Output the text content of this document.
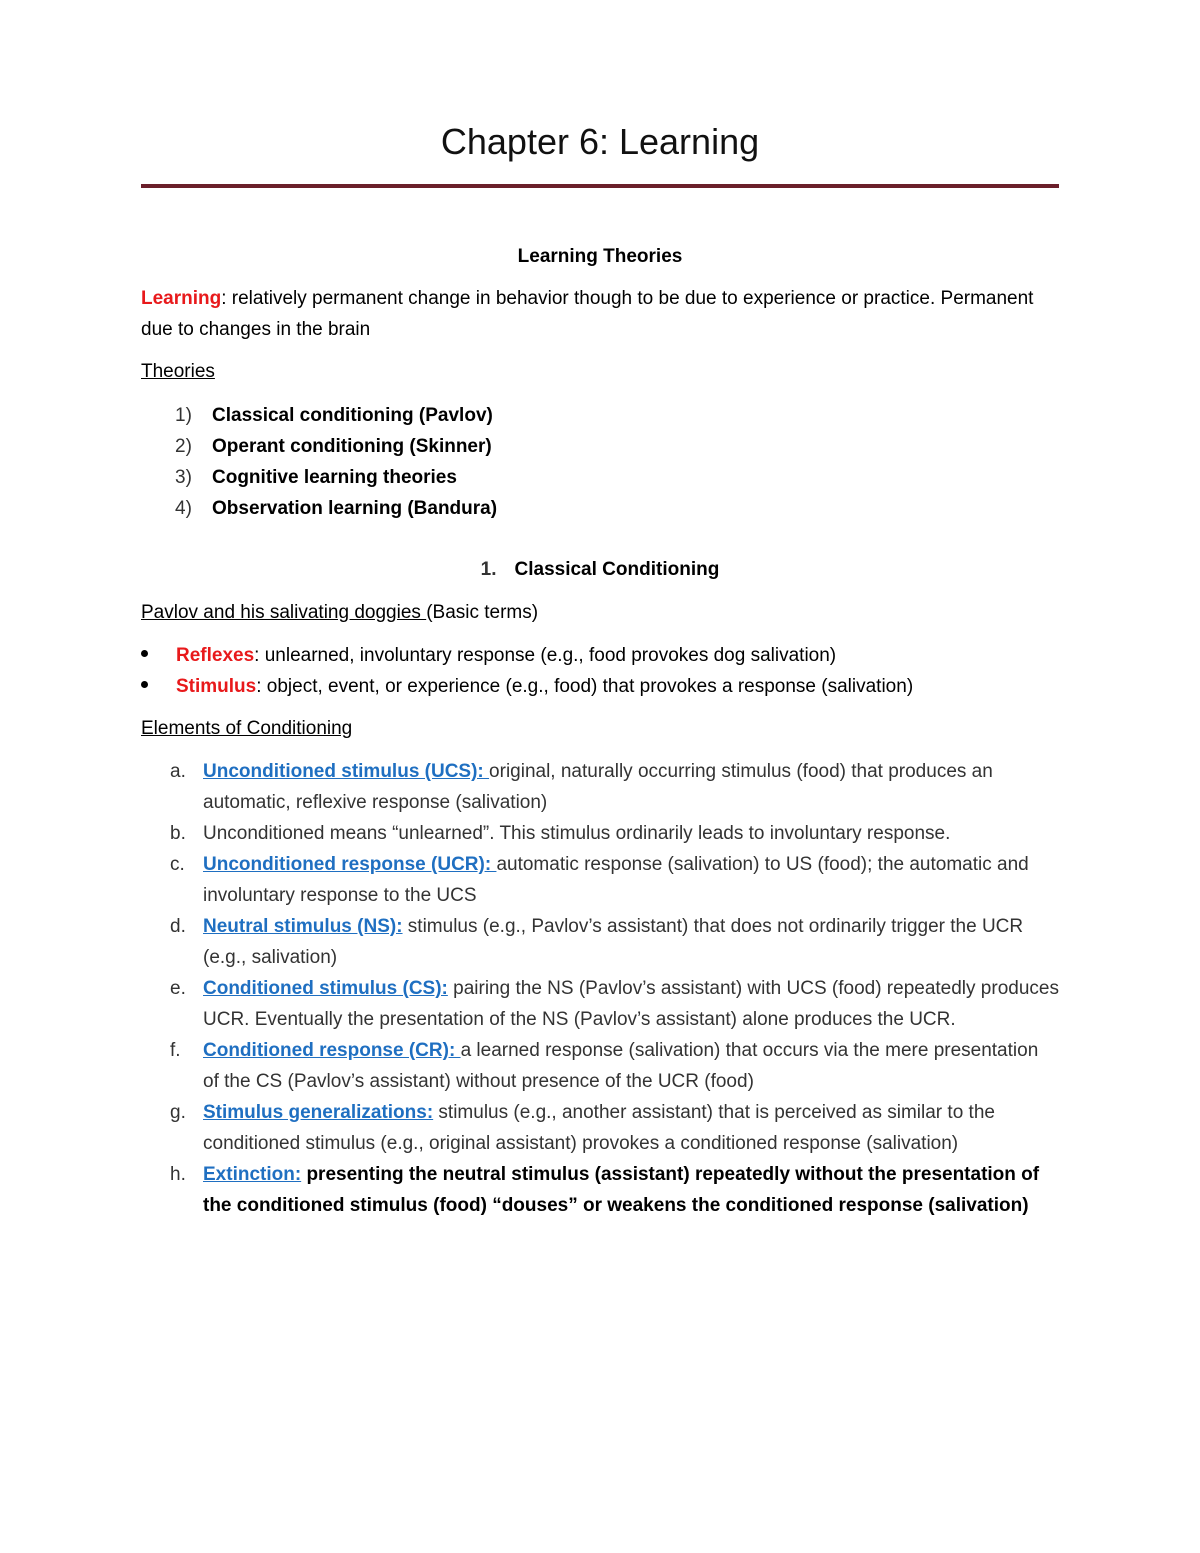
Chapter 6: Learning
Learning Theories
Learning: relatively permanent change in behavior though to be due to experience or practice. Permanent due to changes in the brain
Theories
1) Classical conditioning (Pavlov)
2) Operant conditioning (Skinner)
3) Cognitive learning theories
4) Observation learning (Bandura)
1. Classical Conditioning
Pavlov and his salivating doggies (Basic terms)
Reflexes: unlearned, involuntary response (e.g., food provokes dog salivation)
Stimulus: object, event, or experience (e.g., food) that provokes a response (salivation)
Elements of Conditioning
a. Unconditioned stimulus (UCS): original, naturally occurring stimulus (food) that produces an automatic, reflexive response (salivation)
b. Unconditioned means “unlearned”. This stimulus ordinarily leads to involuntary response.
c. Unconditioned response (UCR): automatic response (salivation) to US (food); the automatic and involuntary response to the UCS
d. Neutral stimulus (NS): stimulus (e.g., Pavlov’s assistant) that does not ordinarily trigger the UCR (e.g., salivation)
e. Conditioned stimulus (CS): pairing the NS (Pavlov’s assistant) with UCS (food) repeatedly produces UCR. Eventually the presentation of the NS (Pavlov’s assistant) alone produces the UCR.
f. Conditioned response (CR): a learned response (salivation) that occurs via the mere presentation of the CS (Pavlov’s assistant) without presence of the UCR (food)
g. Stimulus generalizations: stimulus (e.g., another assistant) that is perceived as similar to the conditioned stimulus (e.g., original assistant) provokes a conditioned response (salivation)
h. Extinction: presenting the neutral stimulus (assistant) repeatedly without the presentation of the conditioned stimulus (food) “douses” or weakens the conditioned response (salivation)
